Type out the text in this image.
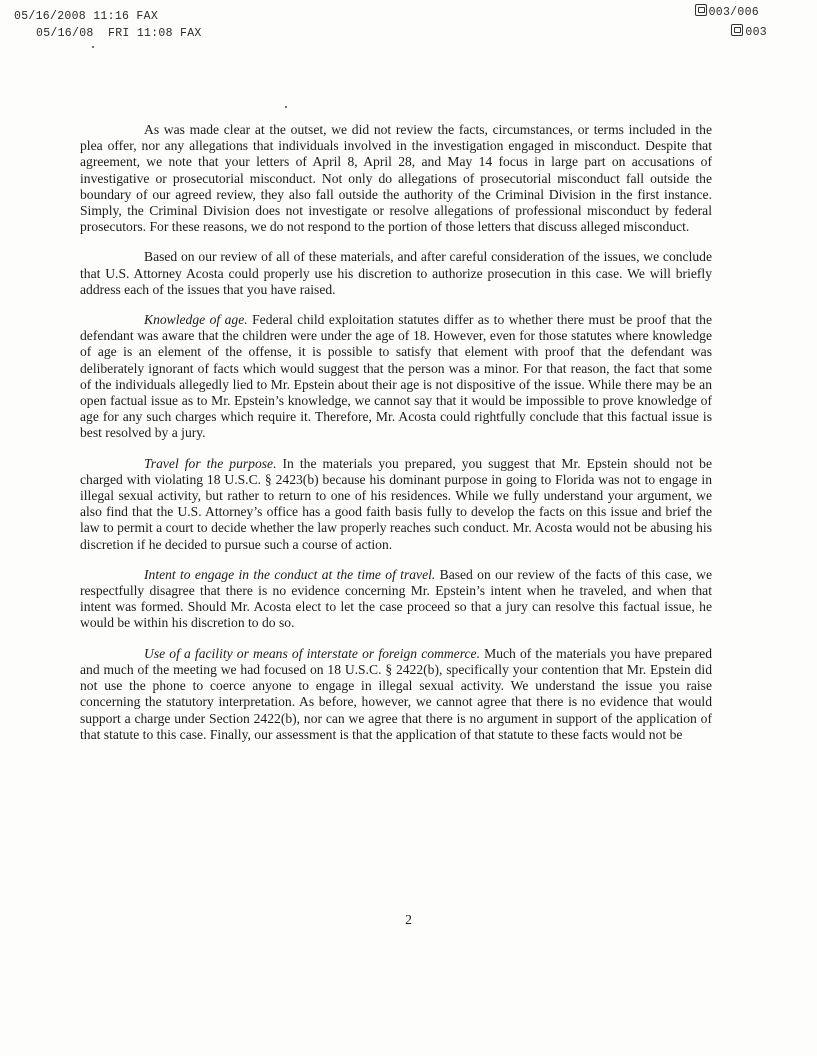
05/16/2008 11:16 FAX
05/16/08  FRI 11:08 FAX
003/006
003

As was made clear at the outset, we did not review the facts, circumstances, or terms included in the plea offer, nor any allegations that individuals involved in the investigation engaged in misconduct. Despite that agreement, we note that your letters of April 8, April 28, and May 14 focus in large part on accusations of investigative or prosecutorial misconduct. Not only do allegations of prosecutorial misconduct fall outside the boundary of our agreed review, they also fall outside the authority of the Criminal Division in the first instance. Simply, the Criminal Division does not investigate or resolve allegations of professional misconduct by federal prosecutors. For these reasons, we do not respond to the portion of those letters that discuss alleged misconduct.

Based on our review of all of these materials, and after careful consideration of the issues, we conclude that U.S. Attorney Acosta could properly use his discretion to authorize prosecution in this case. We will briefly address each of the issues that you have raised.

Knowledge of age. Federal child exploitation statutes differ as to whether there must be proof that the defendant was aware that the children were under the age of 18. However, even for those statutes where knowledge of age is an element of the offense, it is possible to satisfy that element with proof that the defendant was deliberately ignorant of facts which would suggest that the person was a minor. For that reason, the fact that some of the individuals allegedly lied to Mr. Epstein about their age is not dispositive of the issue. While there may be an open factual issue as to Mr. Epstein’s knowledge, we cannot say that it would be impossible to prove knowledge of age for any such charges which require it. Therefore, Mr. Acosta could rightfully conclude that this factual issue is best resolved by a jury.

Travel for the purpose. In the materials you prepared, you suggest that Mr. Epstein should not be charged with violating 18 U.S.C. § 2423(b) because his dominant purpose in going to Florida was not to engage in illegal sexual activity, but rather to return to one of his residences. While we fully understand your argument, we also find that the U.S. Attorney’s office has a good faith basis fully to develop the facts on this issue and brief the law to permit a court to decide whether the law properly reaches such conduct. Mr. Acosta would not be abusing his discretion if he decided to pursue such a course of action.

Intent to engage in the conduct at the time of travel. Based on our review of the facts of this case, we respectfully disagree that there is no evidence concerning Mr. Epstein’s intent when he traveled, and when that intent was formed. Should Mr. Acosta elect to let the case proceed so that a jury can resolve this factual issue, he would be within his discretion to do so.

Use of a facility or means of interstate or foreign commerce. Much of the materials you have prepared and much of the meeting we had focused on 18 U.S.C. § 2422(b), specifically your contention that Mr. Epstein did not use the phone to coerce anyone to engage in illegal sexual activity. We understand the issue you raise concerning the statutory interpretation. As before, however, we cannot agree that there is no evidence that would support a charge under Section 2422(b), nor can we agree that there is no argument in support of the application of that statute to this case. Finally, our assessment is that the application of that statute to these facts would not be

2
